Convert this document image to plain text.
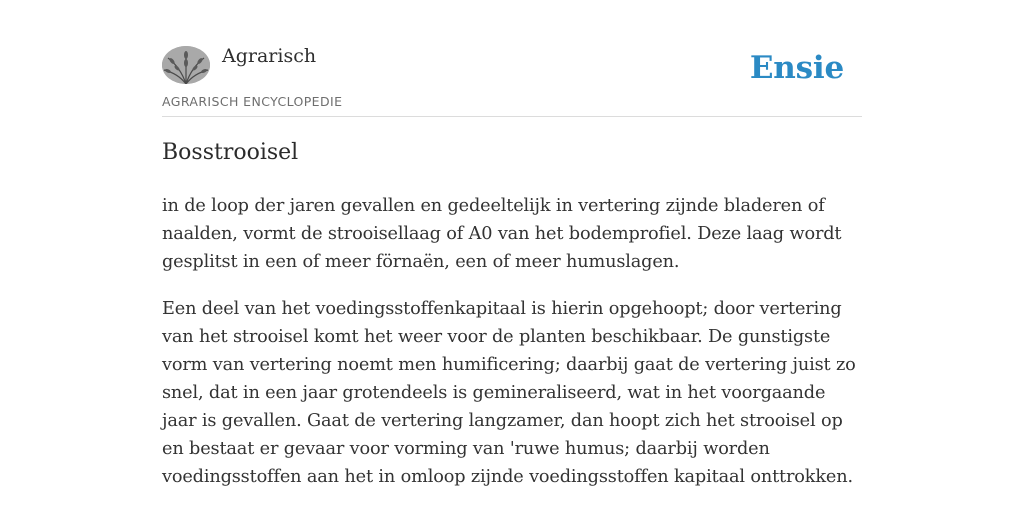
Agrarisch
AGRARISCH ENCYCLOPEDIE
Ensie
Bosstrooisel

in de loop der jaren gevallen en gedeeltelijk in vertering zijnde bladeren of naalden, vormt de strooisellaag of A0 van het bodemprofiel. Deze laag wordt gesplitst in een of meer förnaën, een of meer humuslagen.

Een deel van het voedingsstoffenkapitaal is hierin opgehoopt; door vertering van het strooisel komt het weer voor de planten beschikbaar. De gunstigste vorm van vertering noemt men humificering; daarbij gaat de vertering juist zo snel, dat in een jaar grotendeels is gemineraliseerd, wat in het voorgaande jaar is gevallen. Gaat de vertering langzamer, dan hoopt zich het strooisel op en bestaat er gevaar voor vorming van 'ruwe humus; daarbij worden voedingsstoffen aan het in omloop zijnde voedingsstoffen kapitaal onttrokken.
